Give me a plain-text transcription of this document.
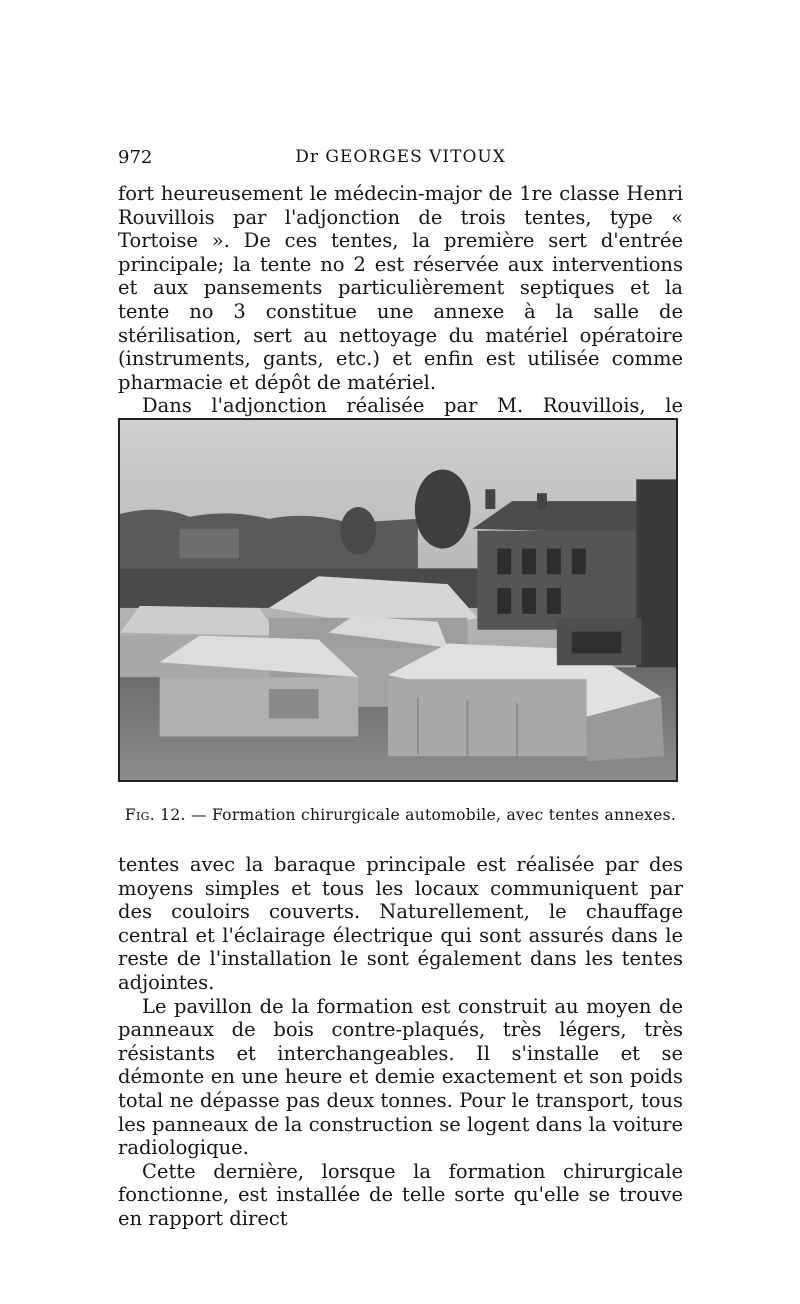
972	Dr GEORGES VITOUX

fort heureusement le médecin-major de 1re classe Henri Rouvillois par l'adjonction de trois tentes, type « Tortoise ». De ces tentes, la première sert d'entrée principale; la tente no 2 est réservée aux interventions et aux pansements particulièrement septiques et la tente no 3 constitue une annexe à la salle de stérilisation, sert au nettoyage du matériel opératoire (instruments, gants, etc.) et enfin est utilisée comme pharmacie et dépôt de matériel.

Dans l'adjonction réalisée par M. Rouvillois, le

Fig. 12. — Formation chirurgicale automobile, avec tentes annexes.

tentes avec la baraque principale est réalisée par des moyens simples et tous les locaux communiquent par des couloirs couverts. Naturellement, le chauffage central et l'éclairage électrique qui sont assurés dans le reste de l'installation le sont également dans les tentes adjointes.

Le pavillon de la formation est construit au moyen de panneaux de bois contre-plaqués, très légers, très résistants et interchangeables. Il s'installe et se démonte en une heure et demie exactement et son poids total ne dépasse pas deux tonnes. Pour le transport, tous les panneaux de la construction se logent dans la voiture radiologique.

Cette dernière, lorsque la formation chirurgicale fonctionne, est installée de telle sorte qu'elle se trouve en rapport direct
